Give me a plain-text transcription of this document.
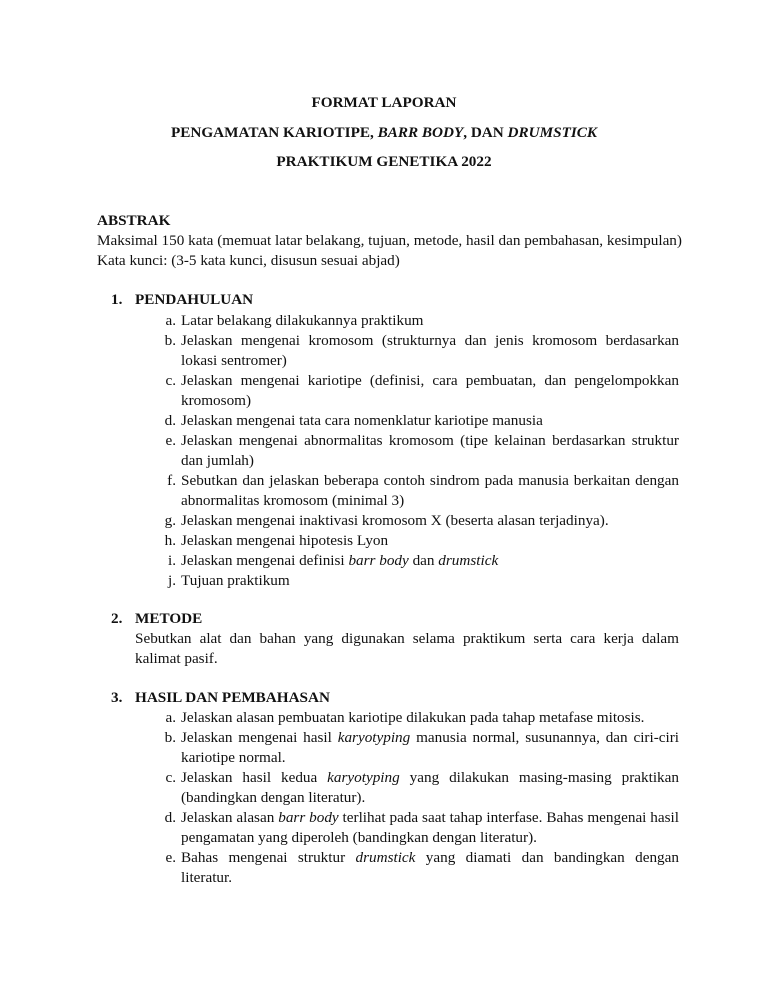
FORMAT LAPORAN
PENGAMATAN KARIOTIPE, BARR BODY, DAN DRUMSTICK
PRAKTIKUM GENETIKA 2022
ABSTRAK
Maksimal 150 kata (memuat latar belakang, tujuan, metode, hasil dan pembahasan, kesimpulan)
Kata kunci: (3-5 kata kunci, disusun sesuai abjad)
1. PENDAHULUAN
a. Latar belakang dilakukannya praktikum
b. Jelaskan mengenai kromosom (strukturnya dan jenis kromosom berdasarkan lokasi sentromer)
c. Jelaskan mengenai kariotipe (definisi, cara pembuatan, dan pengelompokkan kromosom)
d. Jelaskan mengenai tata cara nomenklatur kariotipe manusia
e. Jelaskan mengenai abnormalitas kromosom (tipe kelainan berdasarkan struktur dan jumlah)
f. Sebutkan dan jelaskan beberapa contoh sindrom pada manusia berkaitan dengan abnormalitas kromosom (minimal 3)
g. Jelaskan mengenai inaktivasi kromosom X (beserta alasan terjadinya).
h. Jelaskan mengenai hipotesis Lyon
i. Jelaskan mengenai definisi barr body dan drumstick
j. Tujuan praktikum
2. METODE
Sebutkan alat dan bahan yang digunakan selama praktikum serta cara kerja dalam kalimat pasif.
3. HASIL DAN PEMBAHASAN
a. Jelaskan alasan pembuatan kariotipe dilakukan pada tahap metafase mitosis.
b. Jelaskan mengenai hasil karyotyping manusia normal, susunannya, dan ciri-ciri kariotipe normal.
c. Jelaskan hasil kedua karyotyping yang dilakukan masing-masing praktikan (bandingkan dengan literatur).
d. Jelaskan alasan barr body terlihat pada saat tahap interfase. Bahas mengenai hasil pengamatan yang diperoleh (bandingkan dengan literatur).
e. Bahas mengenai struktur drumstick yang diamati dan bandingkan dengan literatur.
